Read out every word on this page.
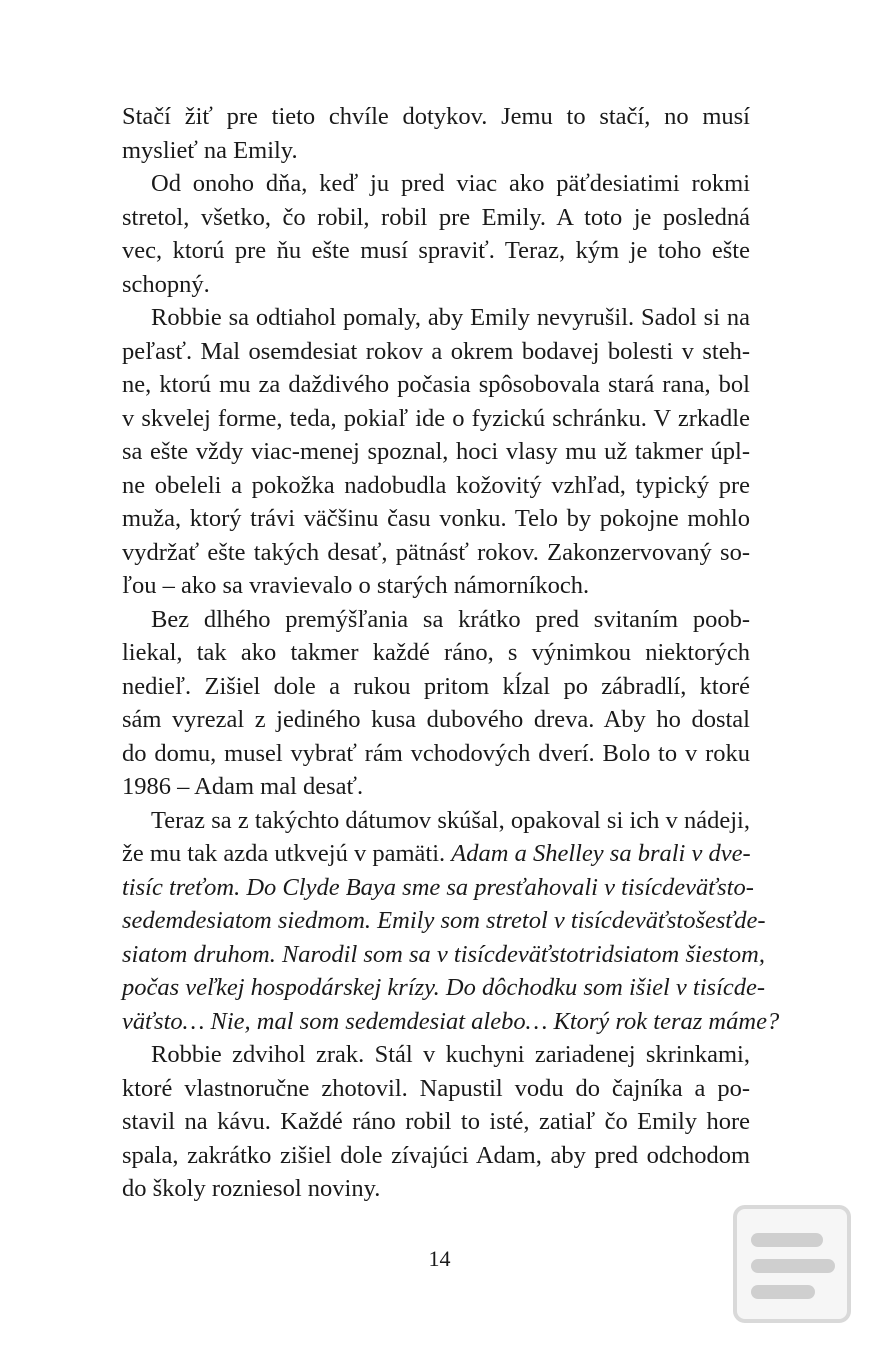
Stačí žiť pre tieto chvíle dotykov. Jemu to stačí, no musí
myslieť na Emily.
Od onoho dňa, keď ju pred viac ako päťdesiatimi rokmi
stretol, všetko, čo robil, robil pre Emily. A toto je posledná
vec, ktorú pre ňu ešte musí spraviť. Teraz, kým je toho ešte
schopný.
Robbie sa odtiahol pomaly, aby Emily nevyrušil. Sadol si na
peľasť. Mal osemdesiat rokov a okrem bodavej bolesti v steh-
ne, ktorú mu za daždivého počasia spôsobovala stará rana, bol
v skvelej forme, teda, pokiaľ ide o fyzickú schránku. V zrkadle
sa ešte vždy viac-menej spoznal, hoci vlasy mu už takmer úpl-
ne obeleli a pokožka nadobudla kožovitý vzhľad, typický pre
muža, ktorý trávi väčšinu času vonku. Telo by pokojne mohlo
vydržať ešte takých desať, pätnásť rokov. Zakonzervovaný so-
ľou – ako sa vravievalo o starých námorníkoch.
Bez dlhého premýšľania sa krátko pred svitaním poob-
liekal, tak ako takmer každé ráno, s výnimkou niektorých
nedieľ. Zišiel dole a rukou pritom kĺzal po zábradlí, ktoré
sám vyrezal z jediného kusa dubového dreva. Aby ho dostal
do domu, musel vybrať rám vchodových dverí. Bolo to v roku
1986 – Adam mal desať.
Teraz sa z takýchto dátumov skúšal, opakoval si ich v nádeji,
že mu tak azda utkvejú v pamäti. Adam a Shelley sa brali v dve-
tisíc treťom. Do Clyde Baya sme sa presťahovali v tisícdeväťsto-
sedemdesiatom siedmom. Emily som stretol v tisícdeväťstošesťde-
siatom druhom. Narodil som sa v tisícdeväťstotridsiatom šiestom,
počas veľkej hospodárskej krízy. Do dôchodku som išiel v tisícde-
väťsto… Nie, mal som sedemdesiat alebo… Ktorý rok teraz máme?
Robbie zdvihol zrak. Stál v kuchyni zariadenej skrinkami,
ktoré vlastnoručne zhotovil. Napustil vodu do čajníka a po-
stavil na kávu. Každé ráno robil to isté, zatiaľ čo Emily hore
spala, zakrátko zišiel dole zívajúci Adam, aby pred odchodom
do školy rozniesol noviny.
14
